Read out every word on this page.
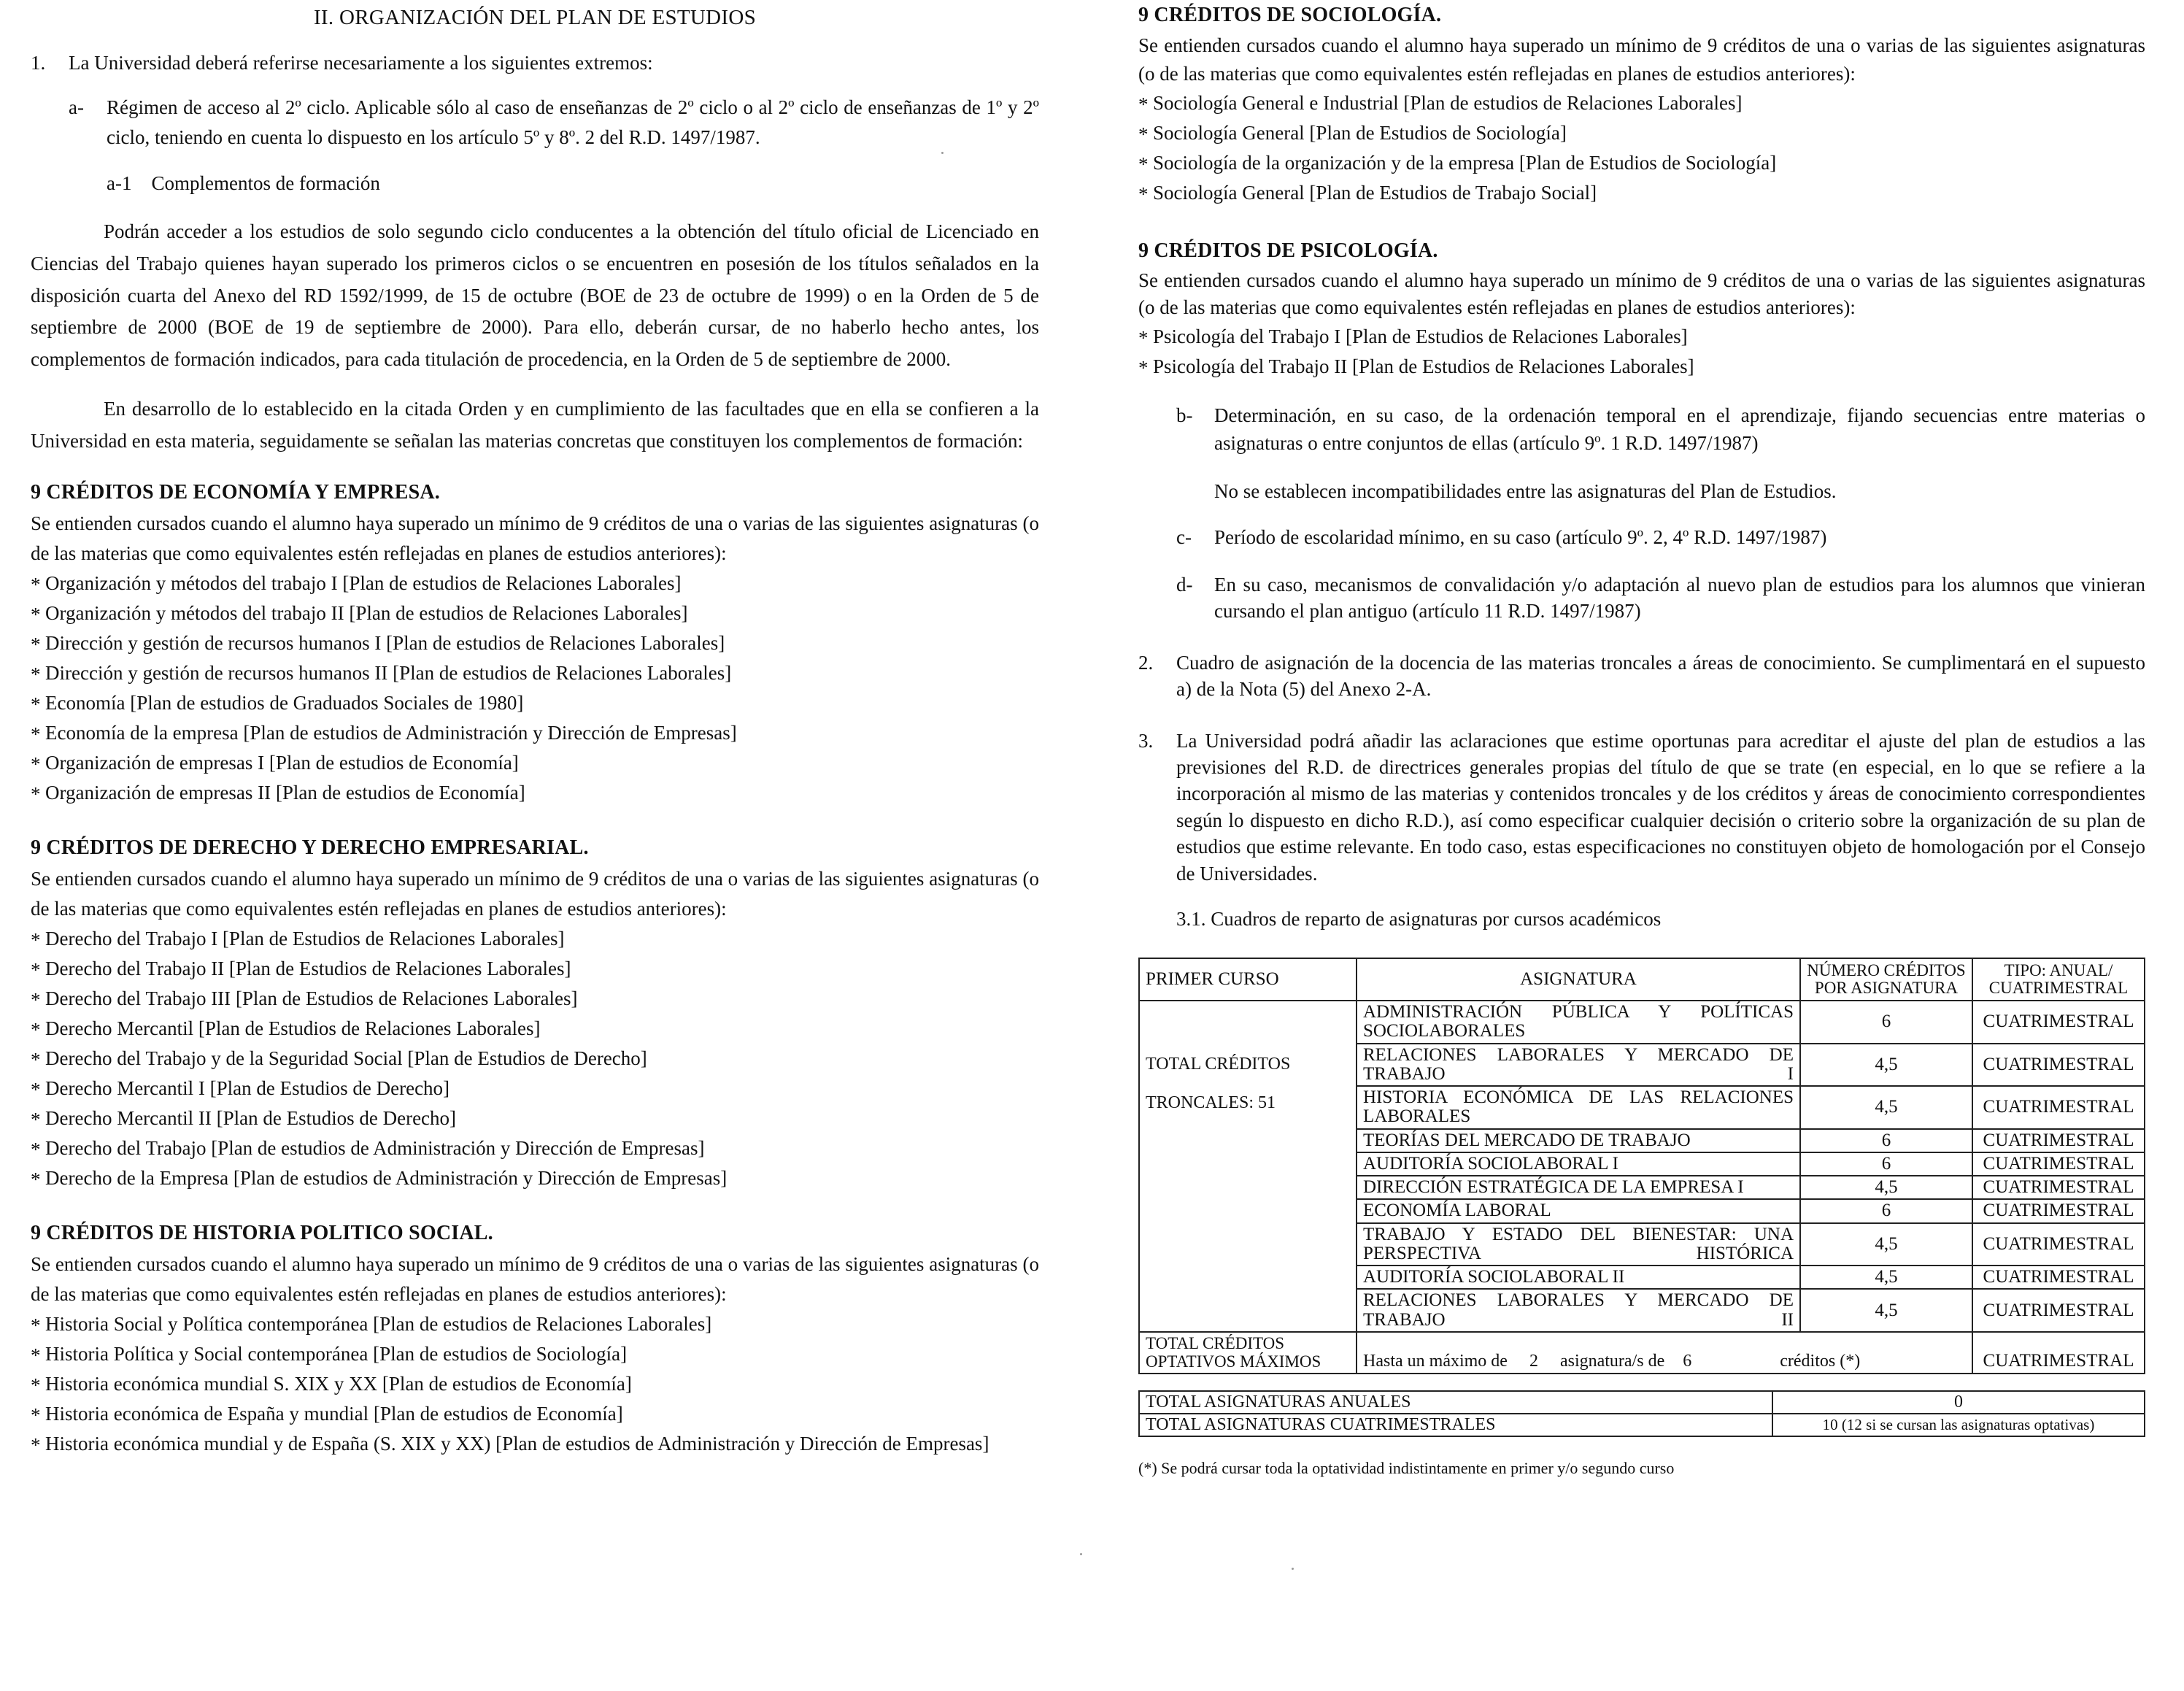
II. ORGANIZACIÓN DEL PLAN DE ESTUDIOS

1.	La Universidad deberá referirse necesariamente a los siguientes extremos:
a-	Régimen de acceso al 2º ciclo. Aplicable sólo al caso de enseñanzas de 2º ciclo o al 2º ciclo de enseñanzas de 1º y 2º ciclo, teniendo en cuenta lo dispuesto en los artículo 5º y 8º. 2 del R.D. 1497/1987.

a-1    Complementos de formación

Podrán acceder a los estudios de solo segundo ciclo conducentes a la obtención del título oficial de Licenciado en Ciencias del Trabajo quienes hayan superado los primeros ciclos o se encuentren en posesión de los títulos señalados en la disposición cuarta del Anexo del RD 1592/1999, de 15 de octubre (BOE de 23 de octubre de 1999) o en la Orden de 5 de septiembre de 2000 (BOE de 19 de septiembre de 2000). Para ello, deberán cursar, de no haberlo hecho antes, los complementos de formación indicados, para cada titulación de procedencia, en la Orden de 5 de septiembre de 2000.

En desarrollo de lo establecido en la citada Orden y en cumplimiento de las facultades que en ella se confieren a la Universidad en esta materia, seguidamente se señalan las materias concretas que constituyen los complementos de formación:

9 CRÉDITOS DE ECONOMÍA Y EMPRESA.

Se entienden cursados cuando el alumno haya superado un mínimo de 9 créditos de una o varias de las siguientes asignaturas (o de las materias que como equivalentes estén reflejadas en planes de estudios anteriores):

* Organización y métodos del trabajo I [Plan de estudios de Relaciones Laborales]
* Organización y métodos del trabajo II [Plan de estudios de Relaciones Laborales]
* Dirección y gestión de recursos humanos I [Plan de estudios de Relaciones Laborales]
* Dirección y gestión de recursos humanos II [Plan de estudios de Relaciones Laborales]
* Economía [Plan de estudios de Graduados Sociales de 1980]
* Economía de la empresa [Plan de estudios de Administración y Dirección de Empresas]
* Organización de empresas I [Plan de estudios de Economía]
* Organización de empresas II [Plan de estudios de Economía]
9 CRÉDITOS DE DERECHO Y DERECHO EMPRESARIAL.

Se entienden cursados cuando el alumno haya superado un mínimo de 9 créditos de una o varias de las siguientes asignaturas (o de las materias que como equivalentes estén reflejadas en planes de estudios anteriores):

* Derecho del Trabajo I [Plan de Estudios de Relaciones Laborales]
* Derecho del Trabajo II [Plan de Estudios de Relaciones Laborales]
* Derecho del Trabajo III [Plan de Estudios de Relaciones Laborales]
* Derecho Mercantil [Plan de Estudios de Relaciones Laborales]
* Derecho del Trabajo y de la Seguridad Social [Plan de Estudios de Derecho]
* Derecho Mercantil I [Plan de Estudios de Derecho]
* Derecho Mercantil II [Plan de Estudios de Derecho]
* Derecho del Trabajo [Plan de estudios de Administración y Dirección de Empresas]
* Derecho de la Empresa [Plan de estudios de Administración y Dirección de Empresas]
9 CRÉDITOS DE HISTORIA POLITICO SOCIAL.

Se entienden cursados cuando el alumno haya superado un mínimo de 9 créditos de una o varias de las siguientes asignaturas (o de las materias que como equivalentes estén reflejadas en planes de estudios anteriores):

* Historia Social y Política contemporánea [Plan de estudios de Relaciones Laborales]
* Historia Política y Social contemporánea [Plan de estudios de Sociología]
* Historia económica mundial S. XIX y XX [Plan de estudios de Economía]
* Historia económica de España y mundial [Plan de estudios de Economía]
* Historia económica mundial y de España (S. XIX y XX) [Plan de estudios de Administración y Dirección de Empresas]
9 CRÉDITOS DE SOCIOLOGÍA.

Se entienden cursados cuando el alumno haya superado un mínimo de 9 créditos de una o varias de las siguientes asignaturas (o de las materias que como equivalentes estén reflejadas en planes de estudios anteriores):

* Sociología General e Industrial [Plan de estudios de Relaciones Laborales]
* Sociología General [Plan de Estudios de Sociología]
* Sociología de la organización y de la empresa [Plan de Estudios de Sociología]
* Sociología General [Plan de Estudios de Trabajo Social]
9 CRÉDITOS DE PSICOLOGÍA.

Se entienden cursados cuando el alumno haya superado un mínimo de 9 créditos de una o varias de las siguientes asignaturas (o de las materias que como equivalentes estén reflejadas en planes de estudios anteriores):

* Psicología del Trabajo I [Plan de Estudios de Relaciones Laborales]
* Psicología del Trabajo II [Plan de Estudios de Relaciones Laborales]
b-	Determinación, en su caso, de la ordenación temporal en el aprendizaje, fijando secuencias entre materias o asignaturas o entre conjuntos de ellas (artículo 9º. 1 R.D. 1497/1987)

No se establecen incompatibilidades entre las asignaturas del Plan de Estudios.

c-	Período de escolaridad mínimo, en su caso (artículo 9º. 2, 4º R.D. 1497/1987)
d-	En su caso, mecanismos de convalidación y/o adaptación al nuevo plan de estudios para los alumnos que vinieran cursando el plan antiguo (artículo 11 R.D. 1497/1987)
2.	Cuadro de asignación de la docencia de las materias troncales a áreas de conocimiento. Se cumplimentará en el supuesto a) de la Nota (5) del Anexo 2-A.
3.	La Universidad podrá añadir las aclaraciones que estime oportunas para acreditar el ajuste del plan de estudios a las previsiones del R.D. de directrices generales propias del título de que se trate (en especial, en lo que se refiere a la incorporación al mismo de las materias y contenidos troncales y de los créditos y áreas de conocimiento correspondientes según lo dispuesto en dicho R.D.), así como especificar cualquier decisión o criterio sobre la organización de su plan de estudios que estime relevante. En todo caso, estas especificaciones no constituyen objeto de homologación por el Consejo de Universidades.

3.1. Cuadros de reparto de asignaturas por cursos académicos

PRIMER CURSO	ASIGNATURA	NÚMERO CRÉDITOS POR ASIGNATURA	TIPO: ANUAL/ CUATRIMESTRAL

TOTAL CRÉDITOS
TRONCALES: 51	ADMINISTRACIÓN PÚBLICA Y POLÍTICAS SOCIOLABORALES	6	CUATRIMESTRAL
	RELACIONES LABORALES Y MERCADO DE TRABAJO I	4,5	CUATRIMESTRAL
	HISTORIA ECONÓMICA DE LAS RELACIONES LABORALES	4,5	CUATRIMESTRAL
	TEORÍAS DEL MERCADO DE TRABAJO	6	CUATRIMESTRAL
	AUDITORÍA SOCIOLABORAL I	6	CUATRIMESTRAL
	DIRECCIÓN ESTRATÉGICA DE LA EMPRESA I	4,5	CUATRIMESTRAL
	ECONOMÍA LABORAL	6	CUATRIMESTRAL
	TRABAJO Y ESTADO DEL BIENESTAR: UNA PERSPECTIVA HISTÓRICA	4,5	CUATRIMESTRAL
	AUDITORÍA SOCIOLABORAL II	4,5	CUATRIMESTRAL
	RELACIONES LABORALES Y MERCADO DE TRABAJO II	4,5	CUATRIMESTRAL
TOTAL CRÉDITOS OPTATIVOS MÁXIMOS	Hasta un máximo de 2 asignatura/s de 6 créditos (*)		CUATRIMESTRAL
TOTAL ASIGNATURAS ANUALES	0
TOTAL ASIGNATURAS CUATRIMESTRALES	10 (12 si se cursan las asignaturas optativas)

(*) Se podrá cursar toda la optatividad indistintamente en primer y/o segundo curso
